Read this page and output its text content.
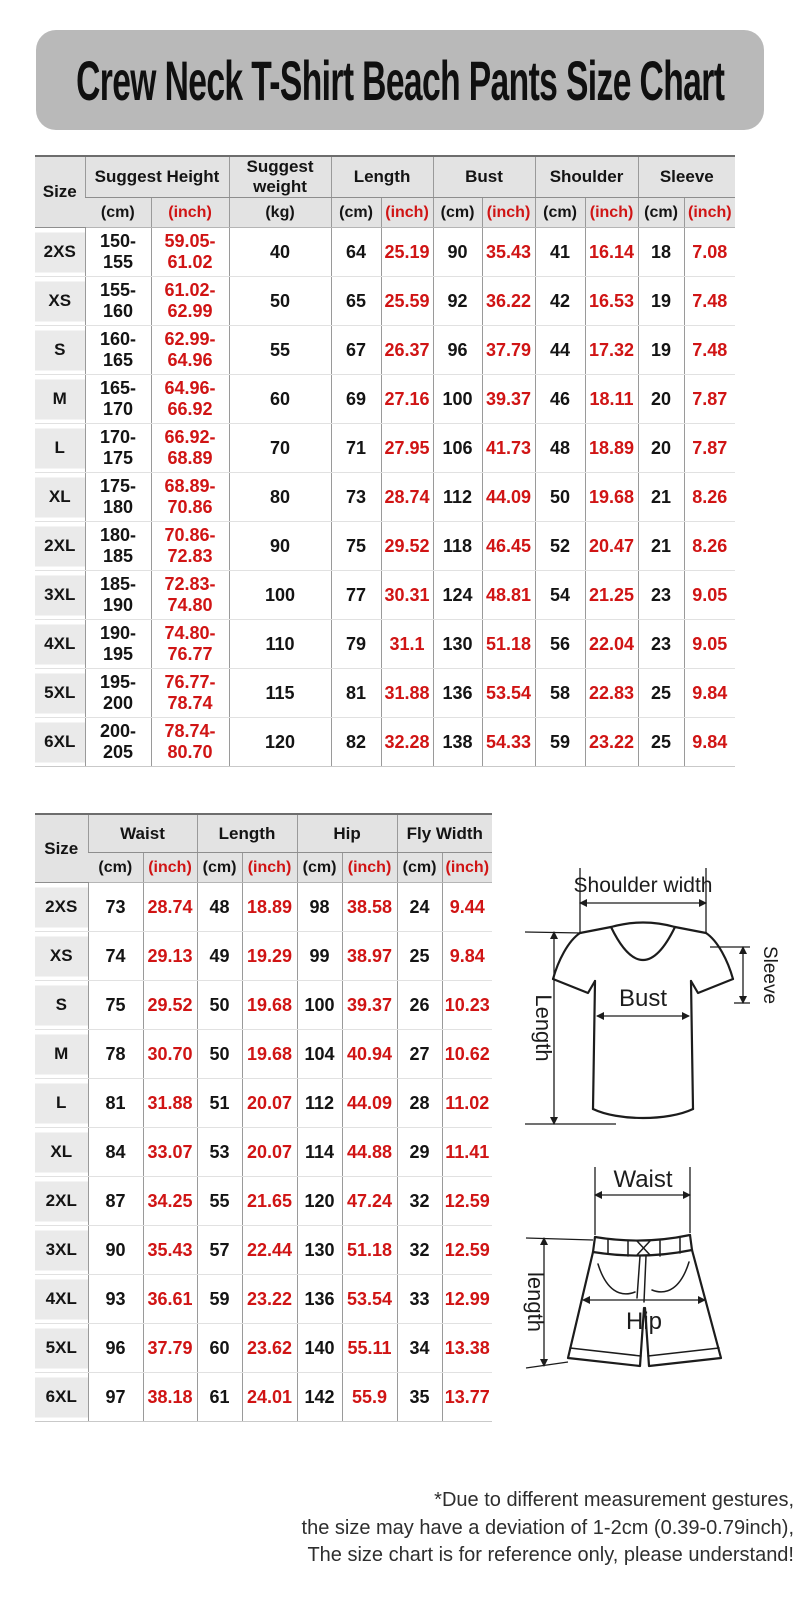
Crew Neck T-Shirt Beach Pants Size Chart
Size	Suggest Height		Suggest weight	Length		Bust		Shoulder		Sleeve	
	(cm)	(inch)	(kg)	(cm)	(inch)	(cm)	(inch)	(cm)	(inch)	(cm)	(inch)
2XS	150-155	59.05-61.02	40	64	25.19	90	35.43	41	16.14	18	7.08
XS	155-160	61.02-62.99	50	65	25.59	92	36.22	42	16.53	19	7.48
S	160-165	62.99-64.96	55	67	26.37	96	37.79	44	17.32	19	7.48
M	165-170	64.96-66.92	60	69	27.16	100	39.37	46	18.11	20	7.87
L	170-175	66.92-68.89	70	71	27.95	106	41.73	48	18.89	20	7.87
XL	175-180	68.89-70.86	80	73	28.74	112	44.09	50	19.68	21	8.26
2XL	180-185	70.86-72.83	90	75	29.52	118	46.45	52	20.47	21	8.26
3XL	185-190	72.83-74.80	100	77	30.31	124	48.81	54	21.25	23	9.05
4XL	190-195	74.80-76.77	110	79	31.1	130	51.18	56	22.04	23	9.05
5XL	195-200	76.77-78.74	115	81	31.88	136	53.54	58	22.83	25	9.84
6XL	200-205	78.74-80.70	120	82	32.28	138	54.33	59	23.22	25	9.84
Size	Waist		Length		Hip		Fly Width	
	(cm)	(inch)	(cm)	(inch)	(cm)	(inch)	(cm)	(inch)
2XS	73	28.74	48	18.89	98	38.58	24	9.44
XS	74	29.13	49	19.29	99	38.97	25	9.84
S	75	29.52	50	19.68	100	39.37	26	10.23
M	78	30.70	50	19.68	104	40.94	27	10.62
L	81	31.88	51	20.07	112	44.09	28	11.02
XL	84	33.07	53	20.07	114	44.88	29	11.41
2XL	87	34.25	55	21.65	120	47.24	32	12.59
3XL	90	35.43	57	22.44	130	51.18	32	12.59
4XL	93	36.61	59	23.22	136	53.54	33	12.99
5XL	96	37.79	60	23.62	140	55.11	34	13.38
6XL	97	38.18	61	24.01	142	55.9	35	13.77
Shoulder width
Sleeve
Bust
Length
Waist
Hip
length
*Due to different measurement gestures,
the size may have a deviation of 1-2cm (0.39-0.79inch),
The size chart is for reference only, please understand!
